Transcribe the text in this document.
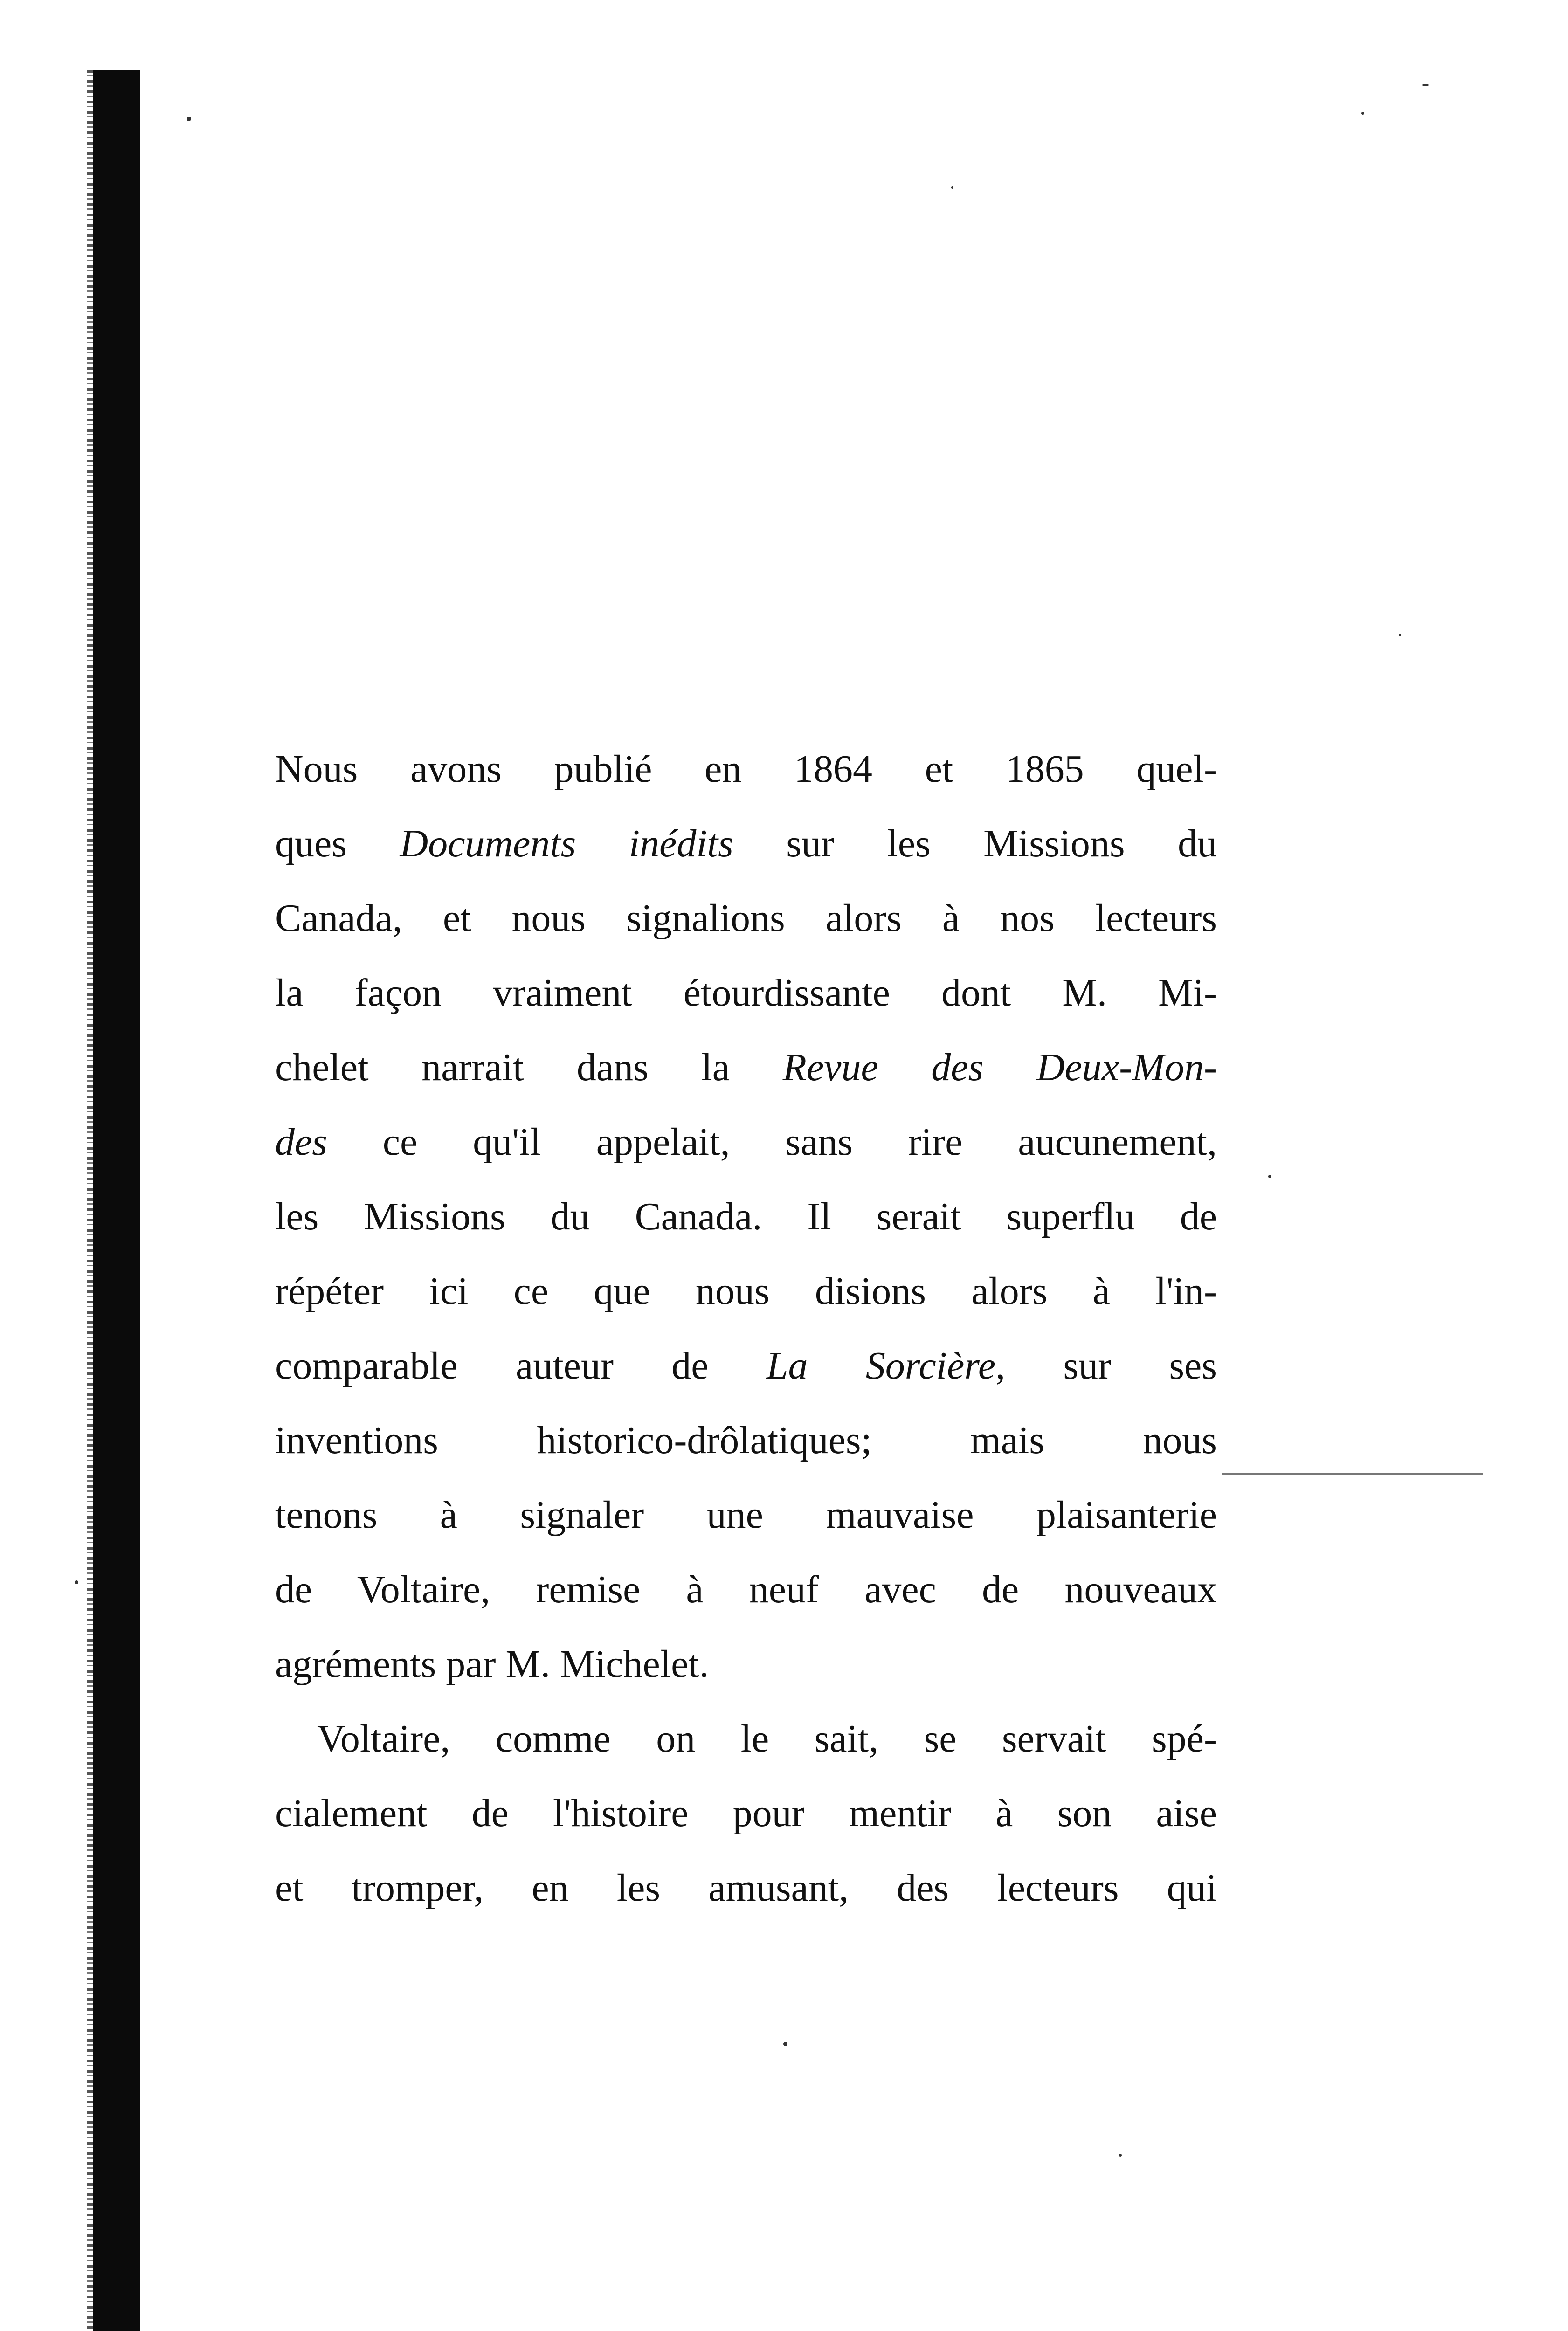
Nous avons publié en 1864 et 1865 quel-
ques Documents inédits sur les Missions du
Canada, et nous signalions alors à nos lecteurs
la façon vraiment étourdissante dont M. Mi-
chelet narrait dans la Revue des Deux-Mon-
des ce qu'il appelait, sans rire aucunement,
les Missions du Canada. Il serait superflu de
répéter ici ce que nous disions alors à l'in-
comparable auteur de La Sorcière, sur ses
inventions historico-drôlatiques; mais nous
tenons à signaler une mauvaise plaisanterie
de Voltaire, remise à neuf avec de nouveaux
agréments par M. Michelet.
Voltaire, comme on le sait, se servait spé-
cialement de l'histoire pour mentir à son aise
et tromper, en les amusant, des lecteurs qui
